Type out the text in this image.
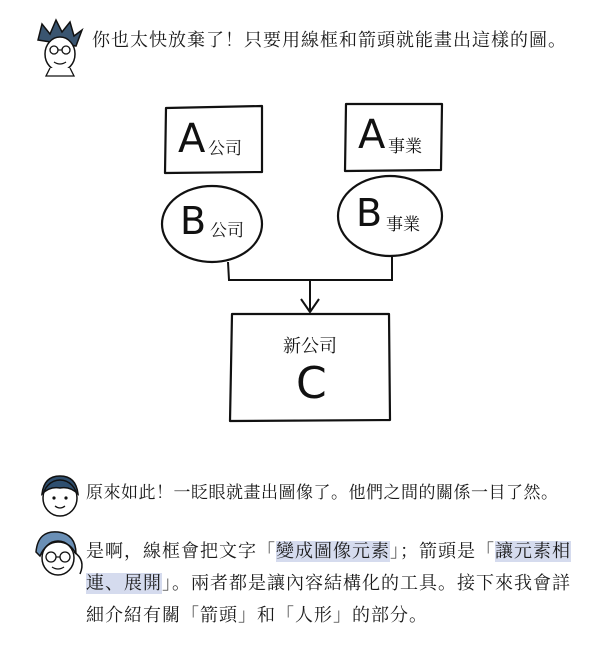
A 公司	A 事業
B 公司	B 事業
新公司
C
你也太快放棄了！只要用線框和箭頭就能畫出這樣的圖。
原來如此！一眨眼就畫出圖像了。他們之間的關係一目了然。
是啊，線框會把文字「變成圖像元素」；箭頭是「讓元素相連、展開」。兩者都是讓內容結構化的工具。接下來我會詳細介紹有關「箭頭」和「人形」的部分。
